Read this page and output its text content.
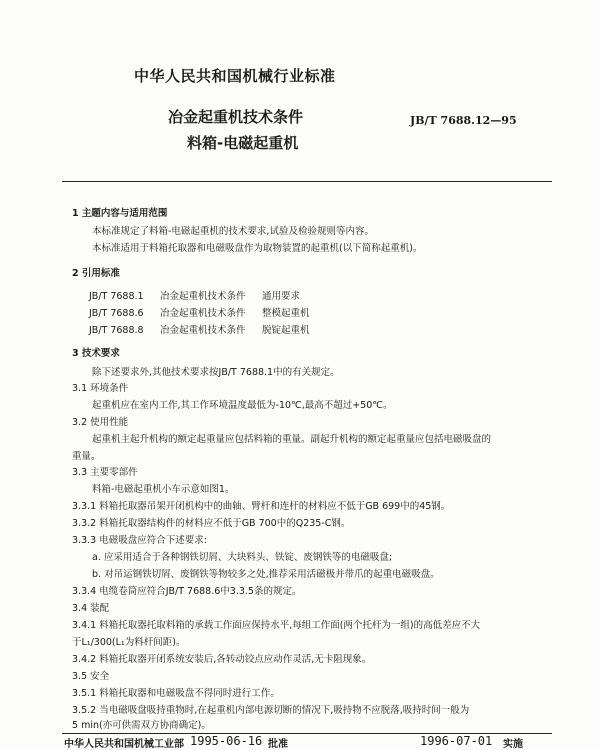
中华人民共和国机械行业标准
冶金起重机技术条件
料箱-电磁起重机
JB/T 7688.12—95
1 主题内容与适用范围
本标准规定了料箱-电磁起重机的技术要求,试验及检验规则等内容。
本标准适用于料箱托取器和电磁吸盘作为取物装置的起重机(以下简称起重机)。
2 引用标准
JB/T 7688.1 冶金起重机技术条件 通用要求
JB/T 7688.6 冶金起重机技术条件 整模起重机
JB/T 7688.8 冶金起重机技术条件 脱锭起重机
3 技术要求
除下述要求外,其他技术要求按JB/T 7688.1中的有关规定。
3.1 环境条件
起重机应在室内工作,其工作环境温度最低为-10℃,最高不超过+50℃。
3.2 使用性能
起重机主起升机构的额定起重量应包括料箱的重量。副起升机构的额定起重量应包括电磁吸盘的
重量。
3.3 主要零部件
料箱-电磁起重机小车示意如图1。
3.3.1 料箱托取器吊架开闭机构中的曲轴、臂杆和连杆的材料应不低于GB 699中的45钢。
3.3.2 料箱托取器结构件的材料应不低于GB 700中的Q235-C钢。
3.3.3 电磁吸盘应符合下述要求:
a. 应采用适合于各种钢铁切屑、大块料头、铁锭、废钢铁等的电磁吸盘;
b. 对吊运钢铁切屑、废钢铁等物较多之处,推荐采用活磁极并带爪的起重电磁吸盘。
3.3.4 电缆卷筒应符合JB/T 7688.6中3.3.5条的规定。
3.4 装配
3.4.1 料箱托取器托取料箱的承载工作面应保持水平,每组工作面(两个托杆为一组)的高低差应不大
于L₁/300(L₁为料杆间距)。
3.4.2 料箱托取器开闭系统安装后,各转动铰点应动作灵活,无卡阻现象。
3.5 安全
3.5.1 料箱托取器和电磁吸盘不得同时进行工作。
3.5.2 当电磁吸盘吸持重物时,在起重机内部电源切断的情况下,吸持物不应脱落,吸持时间一般为
5 min(亦可供需双方协商确定)。
中华人民共和国机械工业部 1995-06-16 批准	1996-07-01 实施
